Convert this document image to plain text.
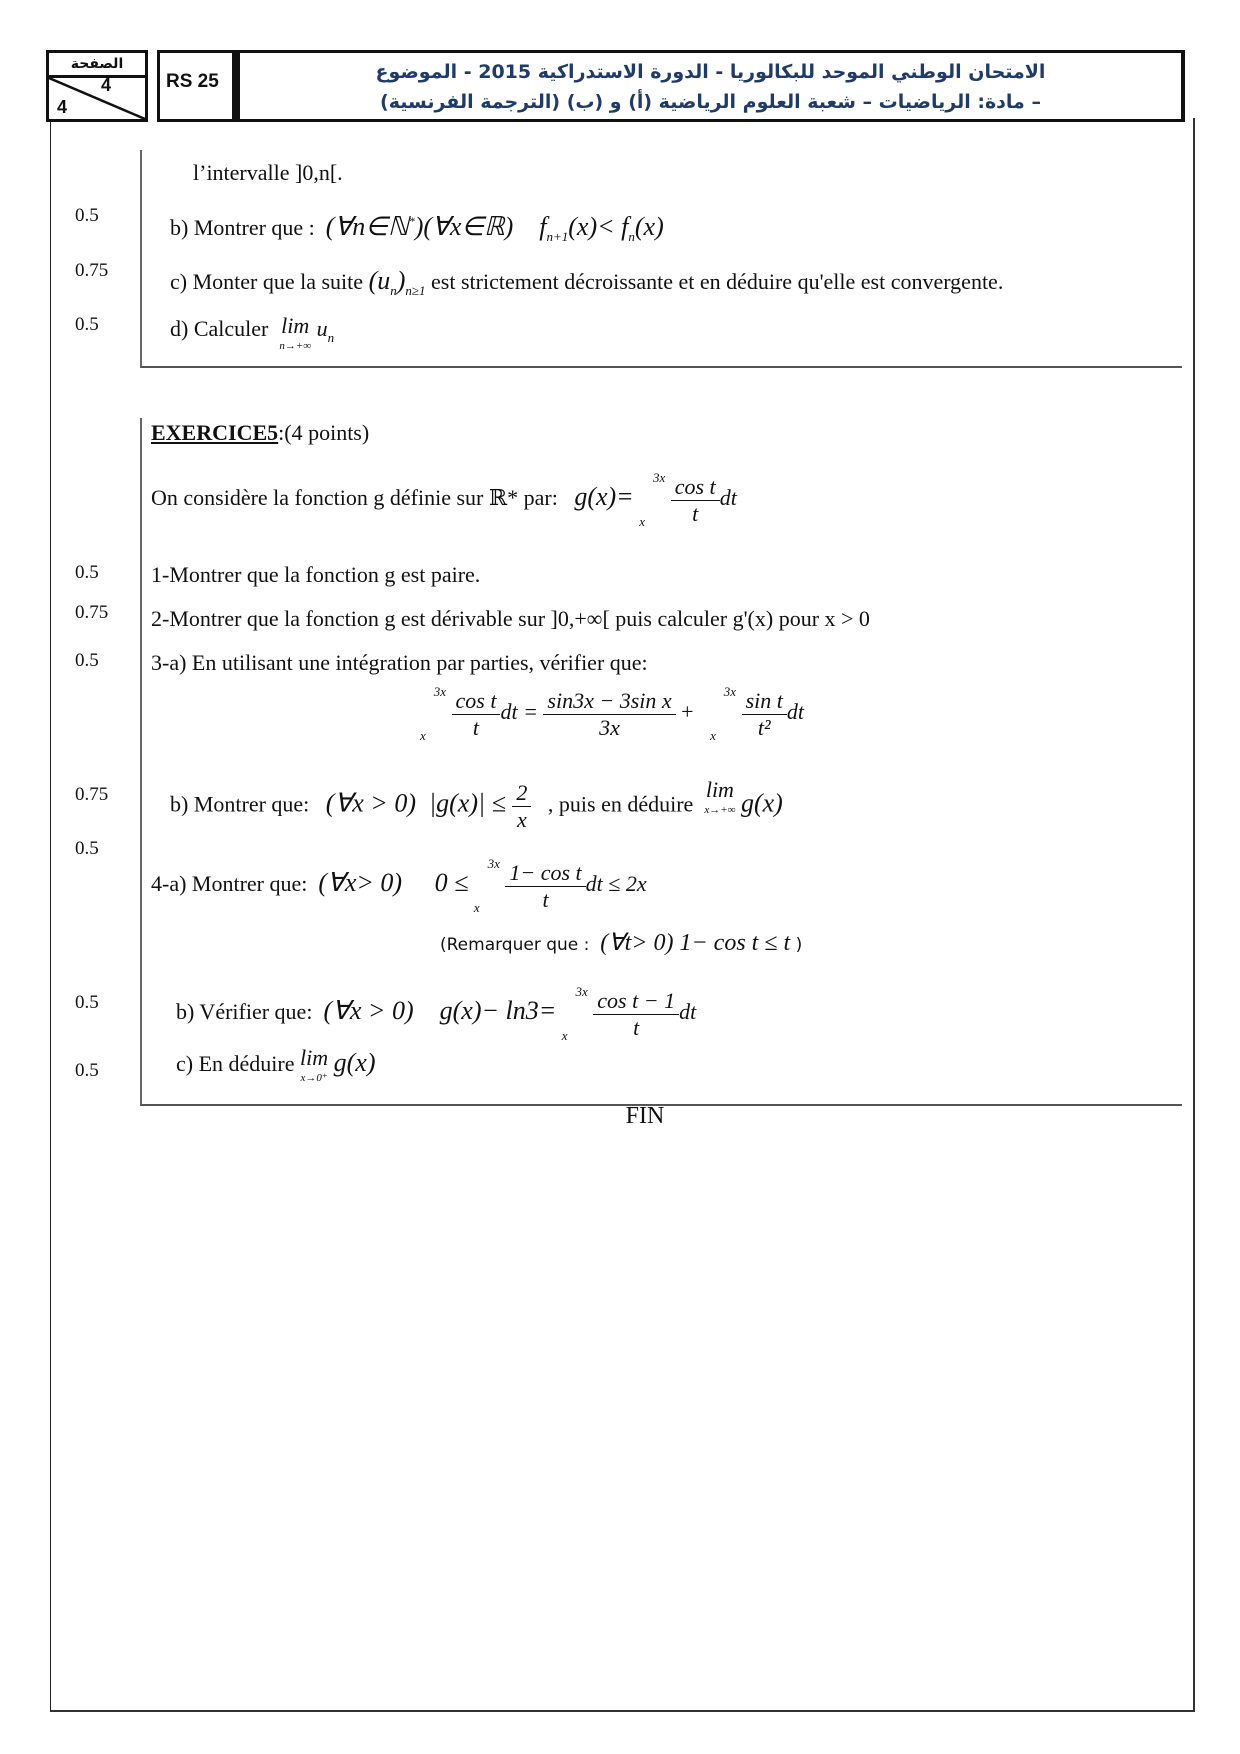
الصفحة
4
4
RS 25	الامتحان الوطني الموحد للبكالوريا - الدورة الاستدراكية 2015 - الموضوع
– مادة: الرياضيات – شعبة العلوم الرياضية (أ) و (ب) (الترجمة الفرنسية)
l’intervalle ]0,n[.
0.5	b) Montrer que : (∀n∈ℕ*)(∀x∈ℝ)    $f_{n+1}(x)< f_n(x)$
0.75	c) Monter que la suite $(u_n)_{n\ge 1}$ est strictement décroissante et en déduire qu'elle est convergente.
0.5	d) Calculer lim
n→+∞
$u_n$
EXERCICE5:(4 points)
On considère la fonction g définie sur ℝ* par: g(x)=
3x
x
$\frac{\text{cos t}}{t}$ dt
0.5 1-Montrer que la fonction g est paire.
0.75 2-Montrer que la fonction g est dérivable sur ]0,+∞[ puis calculer g'(x) pour x > 0
0.5 3-a) En utilisant une intégration par parties, vérifier que:
3x
x
$\frac{\text{cos t}}{t}$ dt = $\frac{\text{sin3x − 3sin x}}{3x}$ +
3x
x
$\frac{\text{sin t}}{\text{t²}}$ dt
0.75	b) Montrer que: (∀x > 0)  $|g(x)| \le \frac{2}{x}$ , puis en déduire
lim
x→+∞ g(x)
0.5
4-a) Montrer que: (∀x> 0)     0 ≤
3x
x
$\frac{\text{1− cos t}}{t}$ dt ≤ 2x
(Remarquer que : (∀t> 0) 1− cos t ≤ t )
0.5	b) Vérifier que: (∀x > 0)    g(x)− ln3=
3x
x
$\frac{\text{cos t − 1}}{t}$ dt
0.5	c) En déduire lim
x→0⁺
g(x)
FIN
